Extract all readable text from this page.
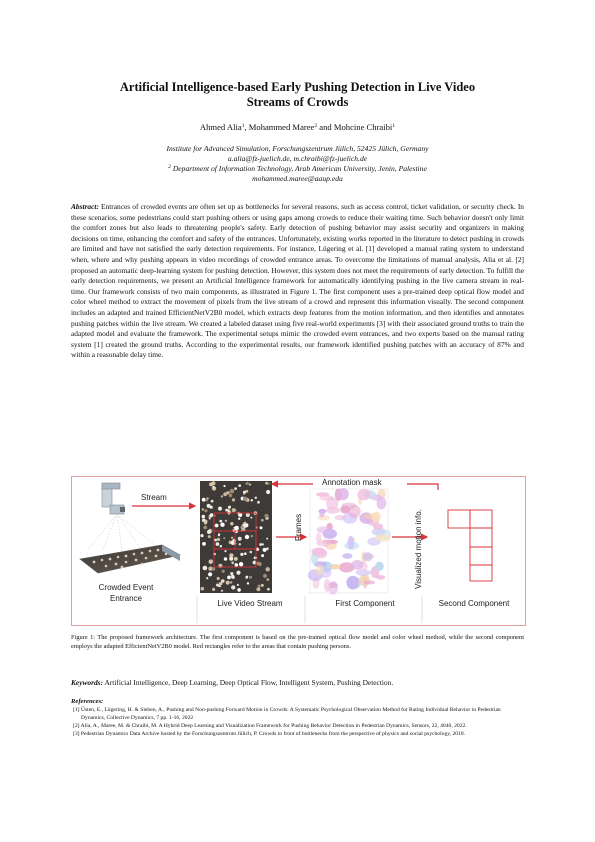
Artificial Intelligence-based Early Pushing Detection in Live Video
Streams of Crowds
Ahmed Alia$^1$, Mohammed Maree$^2$ and Mohcine Chraibi$^1$
Institute for Advanced Simulation, Forschungszentrum Jülich, 52425 Jülich, Germany
a.alia@fz-juelich.de, m.chraibi@fz-juelich.de
$^2$ Department of Information Technology, Arab American University, Jenin, Palestine
mohammed.maree@aaup.edu

Abstract: Entrances of crowded events are often set up as bottlenecks for several reasons, such as access control, ticket validation, or security check. In these scenarios, some pedestrians could start pushing others or using gaps among crowds to reduce their waiting time. Such behavior doesn't only limit the comfort zones but also leads to threatening people's safety. Early detection of pushing behavior may assist security and organizers in making decisions on time, enhancing the comfort and safety of the entrances. Unfortunately, existing works reported in the literature to detect pushing in crowds are limited and have not satisfied the early detection requirements. For instance, Lügering et al. [1] developed a manual rating system to understand when, where and why pushing appears in video recordings of crowded entrance areas. To overcome the limitations of manual analysis, Alia et al. [2] proposed an automatic deep-learning system for pushing detection. However, this system does not meet the requirements of early detection. To fulfill the early detection requirements, we present an Artificial Intelligence framework for automatically identifying pushing in the live camera stream in real-time. Our framework consists of two main components, as illustrated in Figure 1. The first component uses a pre-trained deep optical flow model and color wheel method to extract the movement of pixels from the live stream of a crowd and represent this information visually. The second component includes an adapted and trained EfficientNetV2B0 model, which extracts deep features from the motion information, and then identifies and annotates pushing patches within the live stream. We created a labeled dataset using five real-world experiments [3] with their associated ground truths to train the adapted model and evaluate the framework. The experimental setups mimic the crowded event entrances, and two experts based on the manual rating system [1] created the ground truths. According to the experimental results, our framework identified pushing patches with an accuracy of 87% and within a reasonable delay time.

Stream
Crowded Event
Entrance
Live Video Stream
Frames
Annotation mask
First Component
Visualized motion info.
Second Component

Figure 1: The proposed framework architecture. The first component is based on the pre-trained optical flow model and color wheel method, while the second component employs the adapted EfficientNetV2B0 model. Red rectangles refer to the areas that contain pushing persons.

Keywords: Artificial Intelligence, Deep Learning, Deep Optical Flow, Intelligent System, Pushing Detection.
References:
[1] Üsten, E., Lügering, H. & Sieben, A., Pushing and Non-pushing Forward Motion in Crowds: A Systematic Psychological Observation Method for Rating Individual Behavior in Pedestrian Dynamics, Collective Dynamics, 7 pp. 1-16, 2022
[2] Alia, A., Maree, M. & Chraibi, M. A Hybrid Deep Learning and Visualization Framework for Pushing Behavior Detection in Pedestrian Dynamics, Sensors, 22, 4040, 2022.
[3] Pedestrian Dynamics Data Archive hosted by the Forschungszentrum Jülich, P. Crowds in front of bottlenecks from the perspective of physics and social psychology, 2018.
